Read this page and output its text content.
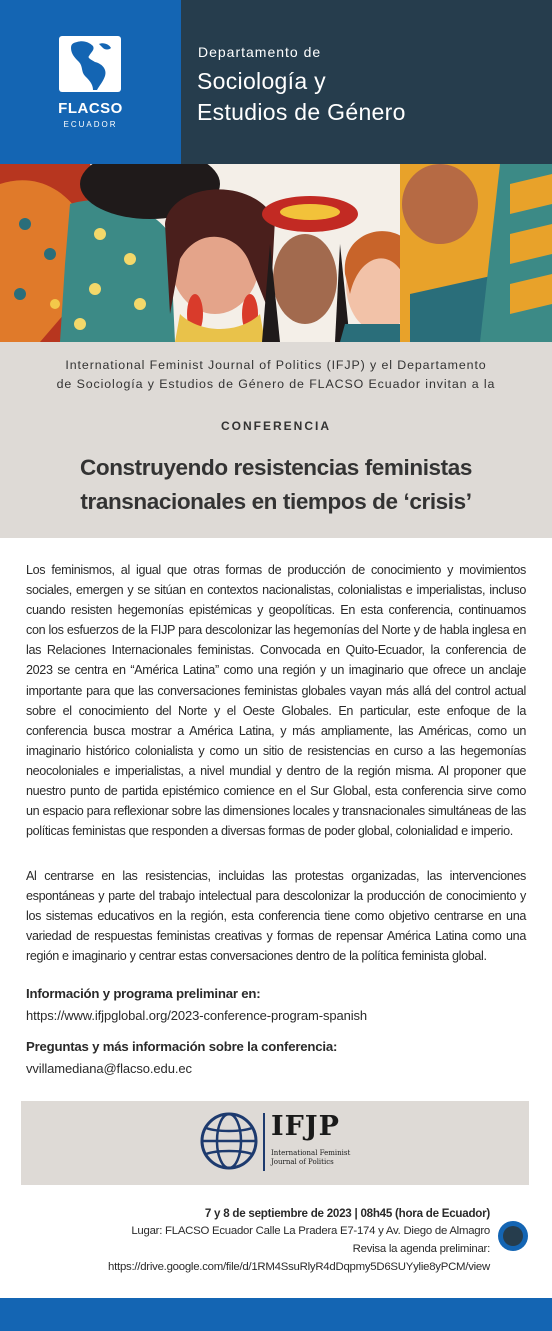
FLACSO
ECUADOR
Departamento de
Sociología y
Estudios de Género
International Feminist Journal of Politics (IFJP) y el Departamento
de Sociología y Estudios de Género de FLACSO Ecuador invitan a la
CONFERENCIA
Construyendo resistencias feministas
transnacionales en tiempos de ‘crisis’
Los feminismos, al igual que otras formas de producción de conocimiento y movimientos sociales, emergen y se sitúan en contextos nacionalistas, colonialistas e imperialistas, incluso cuando resisten hegemonías epistémicas y geopolíticas. En esta conferencia, continuamos con los esfuerzos de la FIJP para descolonizar las hegemonías del Norte y de habla inglesa en las Relaciones Internacionales feministas. Convocada en Quito-Ecuador, la conferencia de 2023 se centra en “América Latina” como una región y un imaginario que ofrece un anclaje importante para que las conversaciones feministas globales vayan más allá del control actual sobre el conocimiento del Norte y el Oeste Globales. En particular, este enfoque de la conferencia busca mostrar a América Latina, y más ampliamente, las Américas, como un imaginario histórico colonialista y como un sitio de resistencias en curso a las hegemonías neocoloniales e imperialistas, a nivel mundial y dentro de la región misma. Al proponer que nuestro punto de partida epistémico comience en el Sur Global, esta conferencia sirve como un espacio para reflexionar sobre las dimensiones locales y transnacionales simultáneas de las políticas feministas que responden a diversas formas de poder global, colonialidad e imperio.
Al centrarse en las resistencias, incluidas las protestas organizadas, las intervenciones espontáneas y parte del trabajo intelectual para descolonizar la producción de conocimiento y los sistemas educativos en la región, esta conferencia tiene como objetivo centrarse en una variedad de respuestas feministas creativas y formas de repensar América Latina como una región e imaginario y centrar estas conversaciones dentro de la política feminista global.
Información y programa preliminar en:
https://www.ifjpglobal.org/2023-conference-program-spanish
Preguntas y más información sobre la conferencia:
vvillamediana@flacso.edu.ec
IFJP
International Feminist
Journal of Politics
7 y 8 de septiembre de 2023 | 08h45 (hora de Ecuador)
Lugar: FLACSO Ecuador Calle La Pradera E7-174 y Av. Diego de Almagro
Revisa la agenda preliminar:
https://drive.google.com/file/d/1RM4SsuRlyR4dDqpmy5D6SUYylie8yPCM/view
